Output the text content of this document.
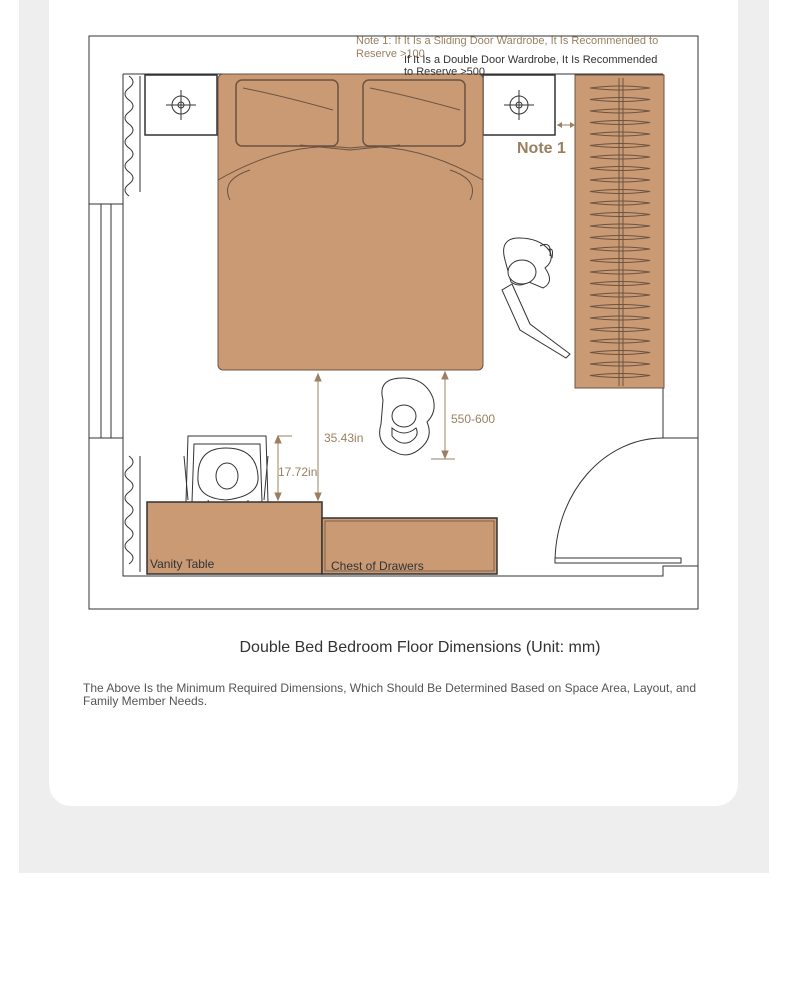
Note 1: If It Is a Sliding Door Wardrobe, It Is Recommended to
Reserve >100
If It Is a Double Door Wardrobe, It Is Recommended
to Reserve >500
Note 1
35.43in
550-600
17.72in
Vanity Table	Chest of Drawers
Double Bed Bedroom Floor Dimensions (Unit: mm)
The Above Is the Minimum Required Dimensions, Which Should Be Determined Based on Space Area, Layout, and Family Member Needs.
